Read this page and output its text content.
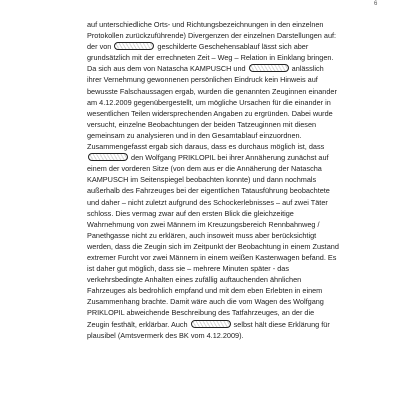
6
auf unterschiedliche Orts- und Richtungsbezeichnungen in den einzelnen
Protokollen zurückzuführende) Divergenzen der einzelnen Darstellungen auf:
der von	geschilderte Geschehensablauf lässt sich aber
grundsätzlich mit der errechneten Zeit – Weg – Relation in Einklang bringen.
Da sich aus dem von Natascha KAMPUSCH und	anlässlich
ihrer Vernehmung gewonnenen persönlichen Eindruck kein Hinweis auf
bewusste Falschaussagen ergab, wurden die genannten Zeuginnen einander
am 4.12.2009 gegenübergestellt, um mögliche Ursachen für die einander in
wesentlichen Teilen widersprechenden Angaben zu ergründen. Dabei wurde
versucht, einzelne Beobachtungen der beiden Tatzeuginnen mit diesen
gemeinsam zu analysieren und in den Gesamtablauf einzuordnen.
Zusammengefasst ergab sich daraus, dass es durchaus möglich ist, dass
den Wolfgang PRIKLOPIL bei ihrer Annäherung zunächst auf
einem der vorderen Sitze (von dem aus er die Annäherung der Natascha
KAMPUSCH im Seitenspiegel beobachten konnte) und dann nochmals
außerhalb des Fahrzeuges bei der eigentlichen Tatausführung beobachtete
und daher – nicht zuletzt aufgrund des Schockerlebnisses – auf zwei Täter
schloss. Dies vermag zwar auf den ersten Blick die gleichzeitige
Wahrnehmung von zwei Männern im Kreuzungsbereich Rennbahnweg /
Panethgasse nicht zu erklären, auch insoweit muss aber berücksichtigt
werden, dass die Zeugin sich im Zeitpunkt der Beobachtung in einem Zustand
extremer Furcht vor zwei Männern in einem weißen Kastenwagen befand. Es
ist daher gut möglich, dass sie – mehrere Minuten später - das
verkehrsbedingte Anhalten eines zufällig auftauchenden ähnlichen
Fahrzeuges als bedrohlich empfand und mit dem eben Erlebten in einem
Zusammenhang brachte. Damit wäre auch die vom Wagen des Wolfgang
PRIKLOPIL abweichende Beschreibung des Tatfahrzeuges, an der die
Zeugin festhält, erklärbar. Auch	selbst hält diese Erklärung für
plausibel (Amtsvermerk des BK vom 4.12.2009).
